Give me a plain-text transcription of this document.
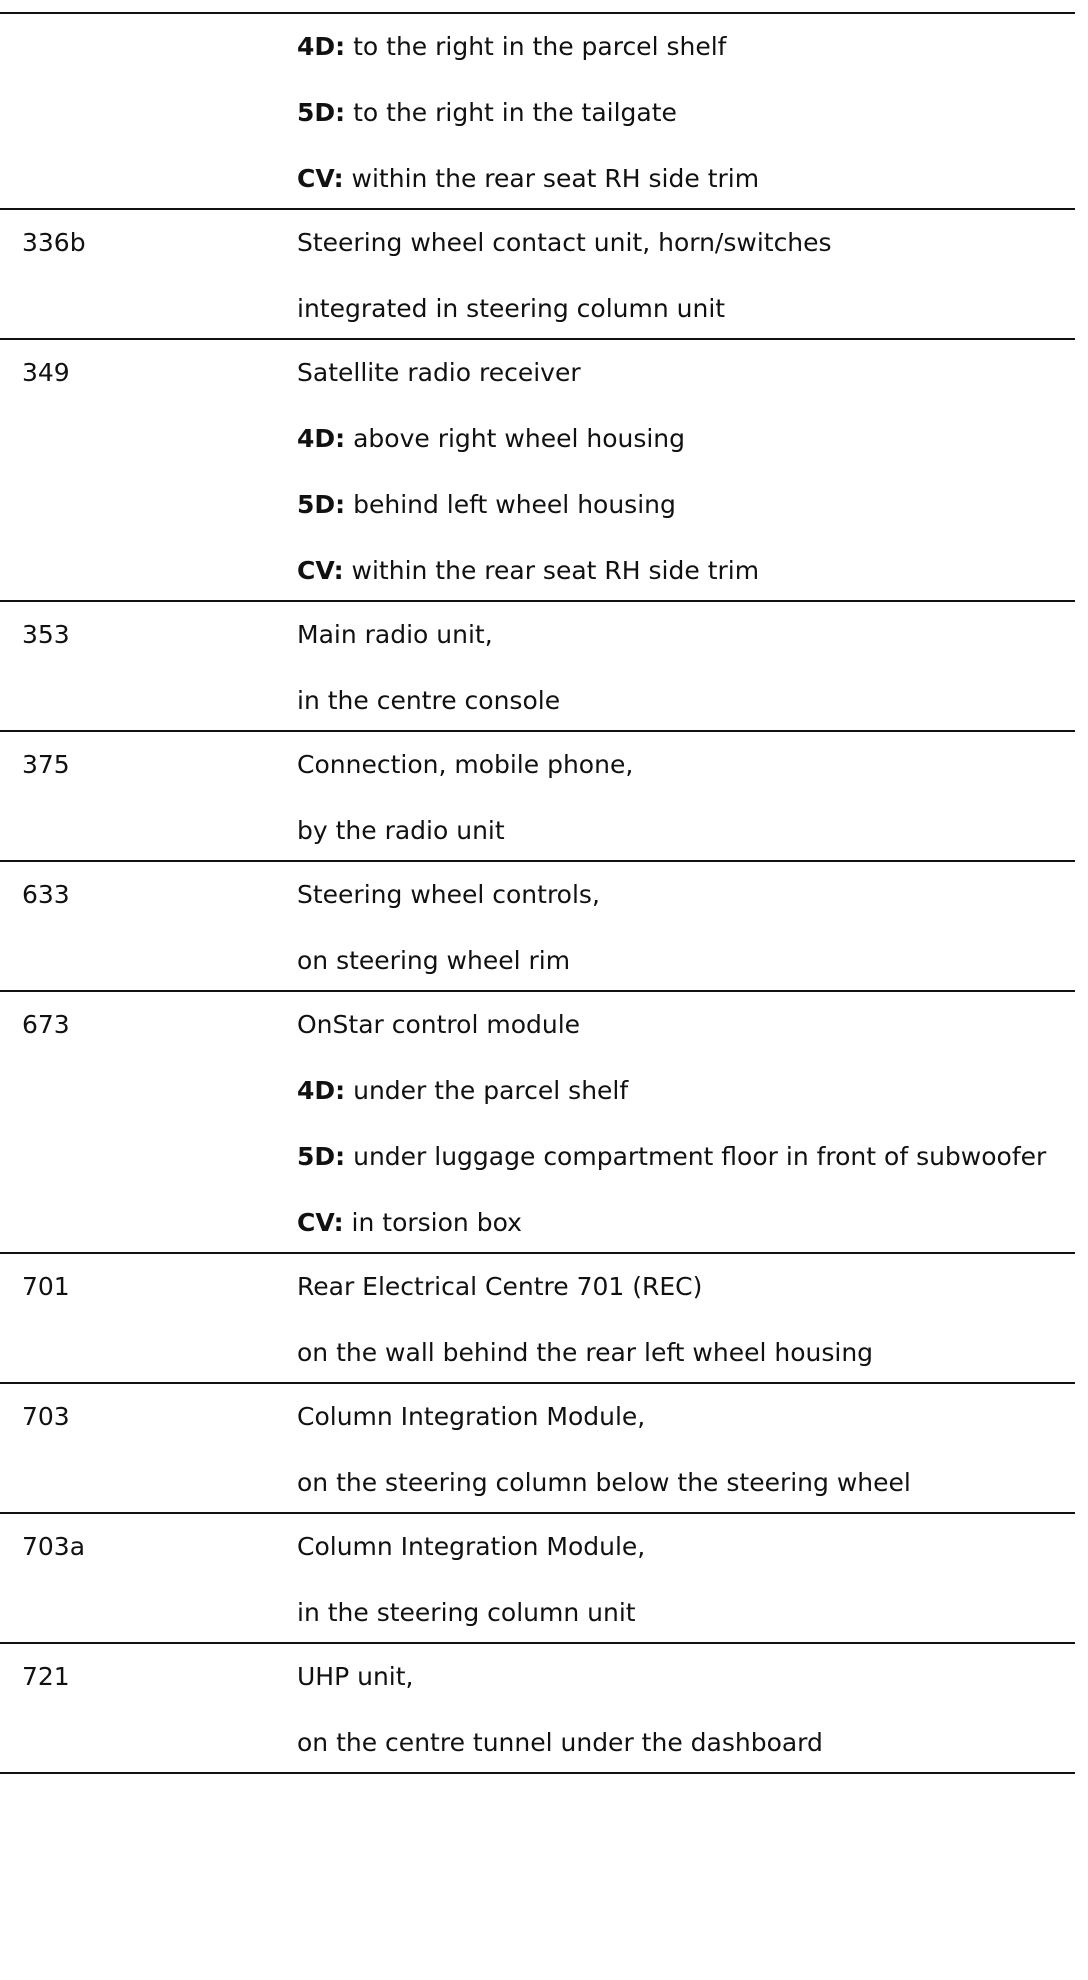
4D: to the right in the parcel shelf
5D: to the right in the tailgate
CV: within the rear seat RH side trim
336b	Steering wheel contact unit, horn/switches
integrated in steering column unit
349	Satellite radio receiver
4D: above right wheel housing
5D: behind left wheel housing
CV: within the rear seat RH side trim
353	Main radio unit,
in the centre console
375	Connection, mobile phone,
by the radio unit
633	Steering wheel controls,
on steering wheel rim
673	OnStar control module
4D: under the parcel shelf
5D: under luggage compartment floor in front of subwoofer
CV: in torsion box
701	Rear Electrical Centre 701 (REC)
on the wall behind the rear left wheel housing
703	Column Integration Module,
on the steering column below the steering wheel
703a	Column Integration Module,
in the steering column unit
721	UHP unit,
on the centre tunnel under the dashboard
